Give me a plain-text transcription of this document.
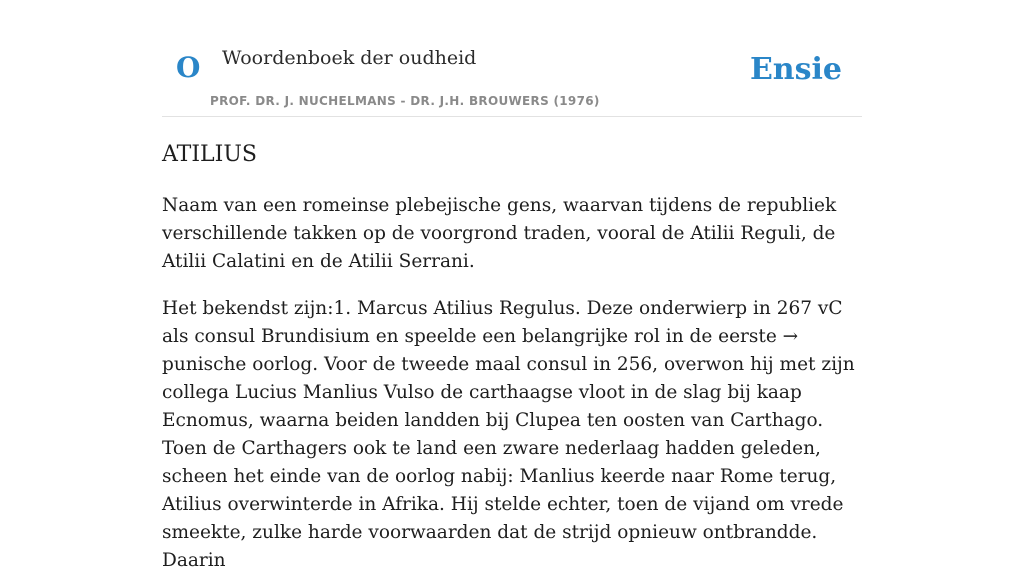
O Woordenboek der oudheid
PROF. DR. J. NUCHELMANS - DR. J.H. BROUWERS (1976)
Ensie
ATILIUS

Naam van een romeinse plebejische gens, waarvan tijdens de republiek verschillende takken op de voorgrond traden, vooral de Atilii Reguli, de Atilii Calatini en de Atilii Serrani.

Het bekendst zijn:1. Marcus Atilius Regulus. Deze onderwierp in 267 vC als consul Brundisium en speelde een belangrijke rol in de eerste → punische oorlog. Voor de tweede maal consul in 256, overwon hij met zijn collega Lucius Manlius Vulso de carthaagse vloot in de slag bij kaap Ecnomus, waarna beiden landden bij Clupea ten oosten van Carthago. Toen de Carthagers ook te land een zware nederlaag hadden geleden, scheen het einde van de oorlog nabij: Manlius keerde naar Rome terug, Atilius overwinterde in Afrika. Hij stelde echter, toen de vijand om vrede smeekte, zulke harde voorwaarden dat de strijd opnieuw ontbrandde. Daarin
